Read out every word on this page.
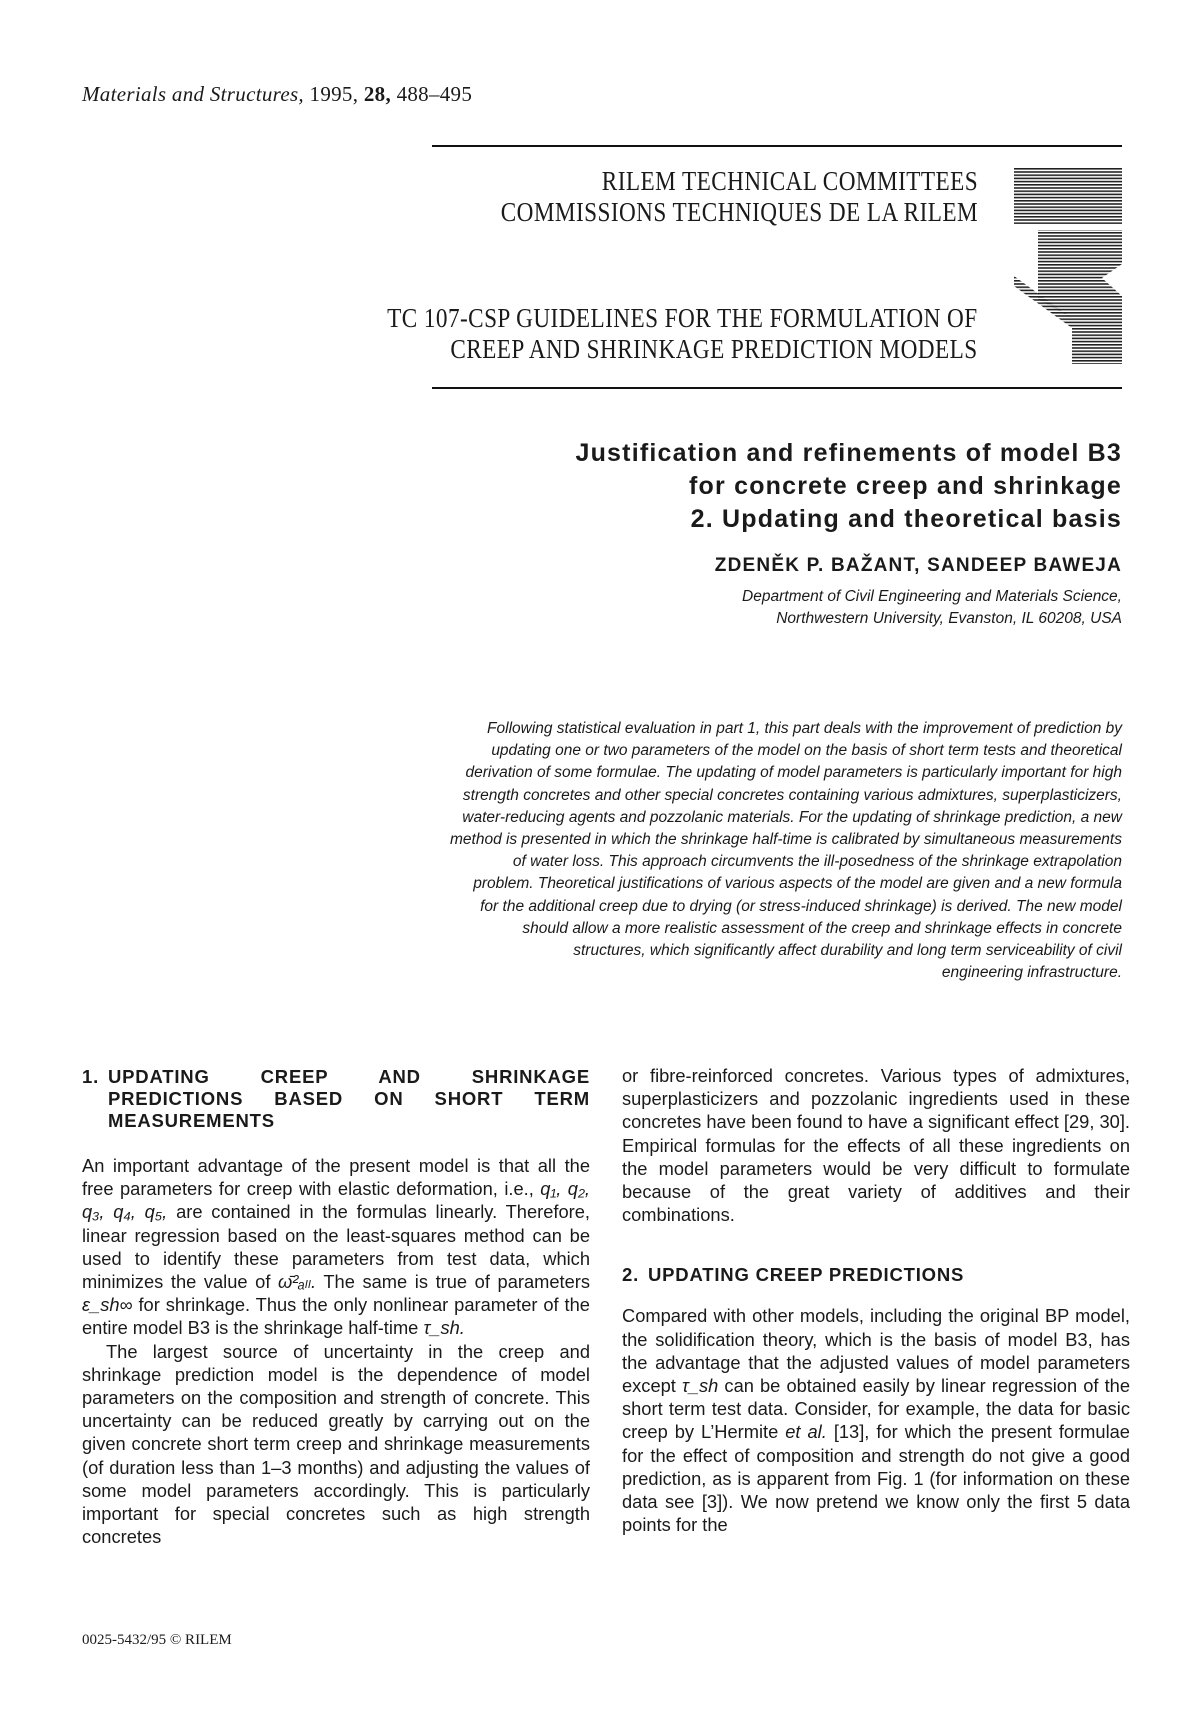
Materials and Structures, 1995, 28, 488–495
RILEM TECHNICAL COMMITTEES
COMMISSIONS TECHNIQUES DE LA RILEM
TC 107-CSP GUIDELINES FOR THE FORMULATION OF
CREEP AND SHRINKAGE PREDICTION MODELS
Justification and refinements of model B3
for concrete creep and shrinkage
2. Updating and theoretical basis
ZDENĚK P. BAŽANT, SANDEEP BAWEJA
Department of Civil Engineering and Materials Science,
Northwestern University, Evanston, IL 60208, USA
Following statistical evaluation in part 1, this part deals with the improvement of prediction by
updating one or two parameters of the model on the basis of short term tests and theoretical
derivation of some formulae. The updating of model parameters is particularly important for high
strength concretes and other special concretes containing various admixtures, superplasticizers,
water-reducing agents and pozzolanic materials. For the updating of shrinkage prediction, a new
method is presented in which the shrinkage half-time is calibrated by simultaneous measurements
of water loss. This approach circumvents the ill-posedness of the shrinkage extrapolation
problem. Theoretical justifications of various aspects of the model are given and a new formula
for the additional creep due to drying (or stress-induced shrinkage) is derived. The new model
should allow a more realistic assessment of the creep and shrinkage effects in concrete
structures, which significantly affect durability and long term serviceability of civil
engineering infrastructure.
1. UPDATING CREEP AND SHRINKAGE PREDICTIONS BASED ON SHORT TERM MEASUREMENTS

An important advantage of the present model is that all the free parameters for creep with elastic deformation, i.e., q₁, q₂, q₃, q₄, q₅, are contained in the formulas linearly. Therefore, linear regression based on the least-squares method can be used to identify these parameters from test data, which minimizes the value of ω̄²ₐₗₗ. The same is true of parameters ε_sh∞ for shrinkage. Thus the only nonlinear parameter of the entire model B3 is the shrinkage half-time τ_sh.

The largest source of uncertainty in the creep and shrinkage prediction model is the dependence of model parameters on the composition and strength of concrete. This uncertainty can be reduced greatly by carrying out on the given concrete short term creep and shrinkage measurements (of duration less than 1–3 months) and adjusting the values of some model parameters accordingly. This is particularly important for special concretes such as high strength concretes

or fibre-reinforced concretes. Various types of admixtures, superplasticizers and pozzolanic ingredients used in these concretes have been found to have a significant effect [29, 30]. Empirical formulas for the effects of all these ingredients on the model parameters would be very difficult to formulate because of the great variety of additives and their combinations.

2. UPDATING CREEP PREDICTIONS

Compared with other models, including the original BP model, the solidification theory, which is the basis of model B3, has the advantage that the adjusted values of model parameters except τ_sh can be obtained easily by linear regression of the short term test data. Consider, for example, the data for basic creep by L’Hermite et al. [13], for which the present formulae for the effect of composition and strength do not give a good prediction, as is apparent from Fig. 1 (for information on these data see [3]). We now pretend we know only the first 5 data points for the

0025-5432/95 © RILEM
